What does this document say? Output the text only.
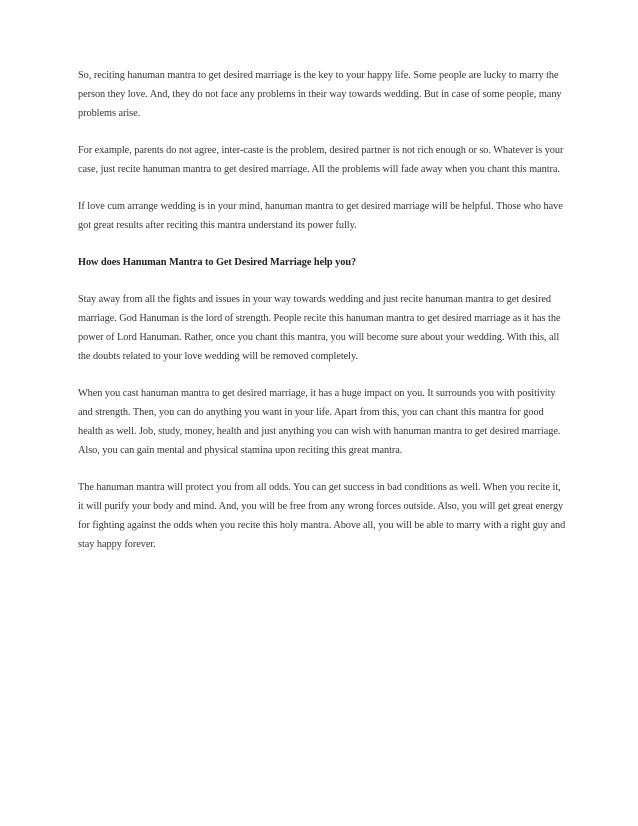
So, reciting hanuman mantra to get desired marriage is the key to your happy life. Some people are lucky to marry the person they love. And, they do not face any problems in their way towards wedding. But in case of some people, many problems arise.

For example, parents do not agree, inter-caste is the problem, desired partner is not rich enough or so. Whatever is your case, just recite hanuman mantra to get desired marriage. All the problems will fade away when you chant this mantra.

If love cum arrange wedding is in your mind, hanuman mantra to get desired marriage will be helpful. Those who have got great results after reciting this mantra understand its power fully.

How does Hanuman Mantra to Get Desired Marriage help you?

Stay away from all the fights and issues in your way towards wedding and just recite hanuman mantra to get desired marriage. God Hanuman is the lord of strength. People recite this hanuman mantra to get desired marriage as it has the power of Lord Hanuman. Rather, once you chant this mantra, you will become sure about your wedding. With this, all the doubts related to your love wedding will be removed completely.

When you cast hanuman mantra to get desired marriage, it has a huge impact on you. It surrounds you with positivity and strength. Then, you can do anything you want in your life. Apart from this, you can chant this mantra for good health as well. Job, study, money, health and just anything you can wish with hanuman mantra to get desired marriage. Also, you can gain mental and physical stamina upon reciting this great mantra.

The hanuman mantra will protect you from all odds. You can get success in bad conditions as well. When you recite it, it will purify your body and mind. And, you will be free from any wrong forces outside. Also, you will get great energy for fighting against the odds when you recite this holy mantra. Above all, you will be able to marry with a right guy and stay happy forever.
